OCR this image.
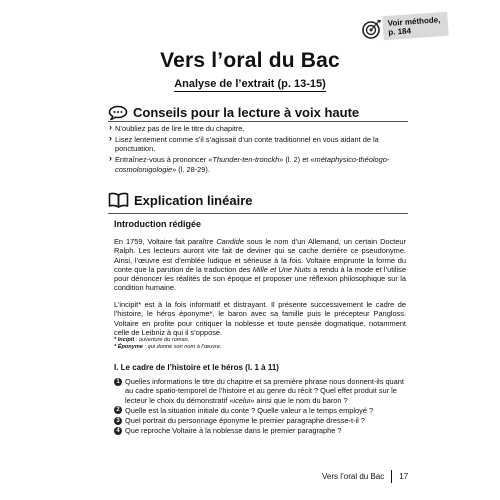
Voir méthode,
p. 184
Vers l’oral du Bac
Analyse de l’extrait (p. 13-15)
Conseils pour la lecture à voix haute
› N’oubliez pas de lire le titre du chapitre.
› Lisez lentement comme s’il s’agissait d’un conte traditionnel en vous aidant de la ponctuation.
› Entraînez-vous à prononcer «Thunder-ten-tronckh» (l. 2) et «métaphysico-théologo-cosmolonigologie» (l. 28-29).
Explication linéaire
Introduction rédigée
En 1759, Voltaire fait paraître Candide sous le nom d’un Allemand, un certain Docteur Ralph. Les lecteurs auront vite fait de deviner qui se cache derrière ce pseudonyme. Ainsi, l’œuvre est d’emblée ludique et sérieuse à la fois. Voltaire emprunte la forme du conte que la parution de la traduction des Mille et Une Nuits a rendu à la mode et l’utilise pour dénoncer les réalités de son époque et proposer une réflexion philosophique sur la condition humaine.
L’incipit* est à la fois informatif et distrayant. Il présente successivement le cadre de l’histoire, le héros éponyme*, le baron avec sa famille puis le précepteur Pangloss. Voltaire en profite pour critiquer la noblesse et toute pensée dogmatique, notamment celle de Leibniz à qui il s’oppose.
* Incipit : ouverture du roman.
* Éponyme : qui donne son nom à l’œuvre.
I. Le cadre de l’histoire et le héros (l. 1 à 11)
1 Quelles informations le titre du chapitre et sa première phrase nous donnent-ils quant au cadre spatio-temporel de l’histoire et au genre du récit ? Quel effet produit sur le lecteur le choix du démonstratif «icelui» ainsi que le nom du baron ?
2 Quelle est la situation initiale du conte ? Quelle valeur a le temps employé ?
3 Quel portrait du personnage éponyme le premier paragraphe dresse-t-il ?
4 Que reproche Voltaire à la noblesse dans le premier paragraphe ?
Vers l’oral du Bac 17
